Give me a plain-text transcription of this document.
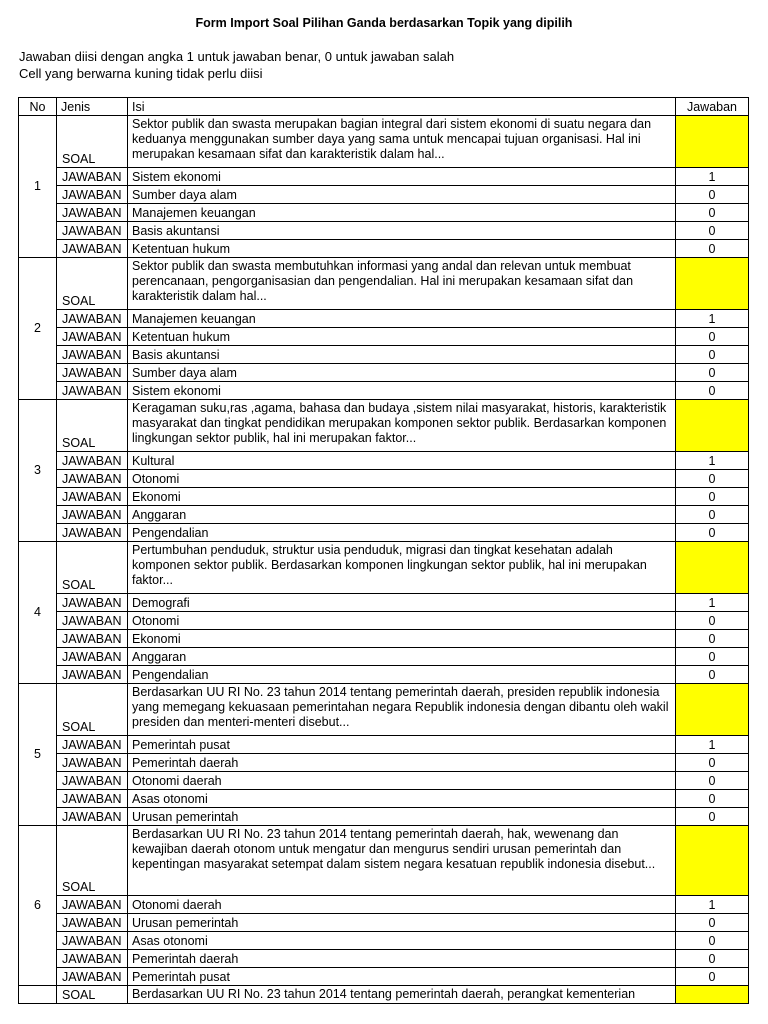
Form Import Soal Pilihan Ganda berdasarkan Topik yang dipilih
Jawaban diisi dengan angka 1 untuk jawaban benar, 0 untuk jawaban salah
Cell yang berwarna kuning tidak perlu diisi
No	Jenis	Isi	Jawaban
1	SOAL	Sektor publik dan swasta merupakan bagian integral dari sistem ekonomi di suatu negara dan keduanya menggunakan sumber daya yang sama untuk mencapai tujuan organisasi. Hal ini merupakan kesamaan sifat dan karakteristik dalam hal...	
	JAWABAN	Sistem ekonomi	1
	JAWABAN	Sumber daya alam	0
	JAWABAN	Manajemen keuangan	0
	JAWABAN	Basis akuntansi	0
	JAWABAN	Ketentuan hukum	0
2	SOAL	Sektor publik dan swasta membutuhkan informasi yang andal dan relevan untuk membuat perencanaan, pengorganisasian dan pengendalian. Hal ini merupakan kesamaan sifat dan karakteristik dalam hal...	
	JAWABAN	Manajemen keuangan	1
	JAWABAN	Ketentuan hukum	0
	JAWABAN	Basis akuntansi	0
	JAWABAN	Sumber daya alam	0
	JAWABAN	Sistem ekonomi	0
3	SOAL	Keragaman suku,ras ,agama, bahasa dan budaya ,sistem nilai masyarakat, historis, karakteristik masyarakat dan tingkat pendidikan merupakan komponen sektor publik. Berdasarkan komponen lingkungan sektor publik, hal ini merupakan faktor...	
	JAWABAN	Kultural	1
	JAWABAN	Otonomi	0
	JAWABAN	Ekonomi	0
	JAWABAN	Anggaran	0
	JAWABAN	Pengendalian	0
4	SOAL	Pertumbuhan penduduk, struktur usia penduduk, migrasi dan tingkat kesehatan adalah komponen sektor publik. Berdasarkan komponen lingkungan sektor publik, hal ini merupakan faktor...	
	JAWABAN	Demografi	1
	JAWABAN	Otonomi	0
	JAWABAN	Ekonomi	0
	JAWABAN	Anggaran	0
	JAWABAN	Pengendalian	0
5	SOAL	Berdasarkan UU RI No. 23 tahun 2014 tentang pemerintah daerah, presiden republik indonesia yang memegang kekuasaan pemerintahan negara Republik indonesia dengan dibantu oleh wakil presiden dan menteri-menteri disebut...	
	JAWABAN	Pemerintah pusat	1
	JAWABAN	Pemerintah daerah	0
	JAWABAN	Otonomi daerah	0
	JAWABAN	Asas otonomi	0
	JAWABAN	Urusan pemerintah	0
6	SOAL	Berdasarkan UU RI No. 23 tahun 2014 tentang pemerintah daerah, hak, wewenang dan kewajiban daerah otonom untuk mengatur dan mengurus sendiri urusan pemerintah dan kepentingan masyarakat setempat dalam sistem negara kesatuan republik indonesia disebut...	
	JAWABAN	Otonomi daerah	1
	JAWABAN	Urusan pemerintah	0
	JAWABAN	Asas otonomi	0
	JAWABAN	Pemerintah daerah	0
	JAWABAN	Pemerintah pusat	0
	SOAL	Berdasarkan UU RI No. 23 tahun 2014 tentang pemerintah daerah, perangkat kementerian	
